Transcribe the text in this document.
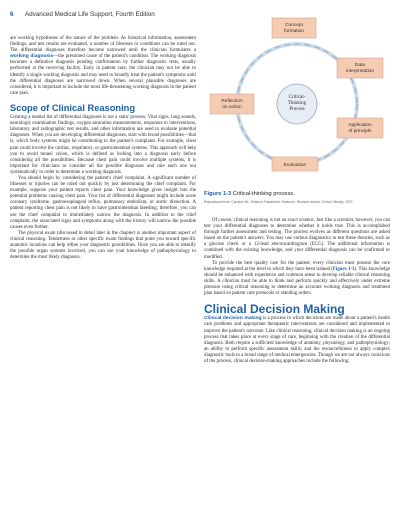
6 Advanced Medical Life Support, Fourth Edition

are working hypotheses of the nature of the problem. As historical information, assessment findings, and test results are evaluated, a number of illnesses or conditions can be ruled out. The differential diagnoses therefore become narrowed until the clinician formulates a working diagnosis—the presumed cause of the patient's condition. The working diagnosis becomes a definitive diagnosis pending confirmation by further diagnostic tests, usually performed at the receiving facility. Early in patient care, the clinician may not be able to identify a single working diagnosis and may need to broadly treat the patient's symptoms until the differential diagnoses are narrowed down. When several plausible diagnoses are considered, it is important to include the most life-threatening working diagnosis in the patient care plan.

Scope of Clinical Reasoning

Creating a mental list of differential diagnoses is not a static process. Vital signs, lung sounds, neurologic examination findings, oxygen saturation measurements, responses to interventions, laboratory and radiographic test results, and other information are used to evaluate potential diagnoses. When you are developing differential diagnoses, start with broad possibilities—that is, which body systems might be contributing to the patient's complaint. For example, chest pain could involve the cardiac, respiratory, or gastrointestinal systems. This approach will help you to avoid tunnel vision, which is defined as locking into a diagnosis early before considering all the possibilities. Because chest pain could involve multiple systems, it is important for clinicians to consider all the possible diagnoses and rule each one out systematically in order to determine a working diagnosis.

You should begin by considering the patient's chief complaint. A significant number of illnesses or injuries can be ruled out quickly by just determining the chief complaint. For example, suppose your patient reports chest pain. Your knowledge gives insight into the potential problems causing chest pain. Your list of differential diagnoses might include acute coronary syndrome, gastroesophageal reflux, pulmonary embolism, or aortic dissection. A patient reporting chest pain is not likely to have gastrointestinal bleeding; therefore, you can use the chief complaint to immediately narrow the diagnosis. In addition to the chief complaint, the associated signs and symptoms along with the history will narrow the possible causes even further.

The physical exam (discussed in detail later in the chapter) is another important aspect of clinical reasoning. Tenderness or other specific exam findings that point you toward specific anatomic locations can help refine your diagnostic possibilities. Once you are able to identify the possible organ systems involved, you can use your knowledge of pathophysiology to determine the most likely diagnosis.

Critical-
Thinking
Process
Concept
formation
Data
interpretation
Application
of principle
Evaluation
Reflection
on action
Figure 1-3 Critical-thinking process.
Reproduced from Caroline NL: Mosby's Paramedic Textbook, Revised reprint. Oxford, Mosby, 2007.

Of course, clinical reasoning is not an exact science. Just like a scientist, however, you can test your differential diagnoses to determine whether it holds true. This is accomplished through further assessment and testing. The process evolves as different questions are asked based on the patient's answers. You may use various diagnostics to test these theories, such as a glucose check or a 12-lead electrocardiogram (ECG). The additional information is combined with the existing knowledge, and your differential diagnosis can be confirmed or modified.

To provide the best quality care for the patient, every clinician must possess the core knowledge required at the level to which they have been trained (Figure 1-3). This knowledge should be enhanced with experience and common sense to develop reliable clinical reasoning skills. A clinician must be able to think and perform quickly and effectively under extreme pressure using critical reasoning to determine an accurate working diagnosis and treatment plan based on patient care protocols or standing orders.

Clinical Decision Making

Clinical decision making is a process in which decisions are made about a patient's health care problems and appropriate therapeutic interventions are considered and implemented to improve the patient's outcome. Like clinical reasoning, clinical decision making is an ongoing process that takes place at every stage of care, beginning with the creation of the differential diagnosis. Both require a sufficient knowledge of anatomy, physiology, and pathophysiology; an ability to perform specific assessment skills; and the resourcefulness to apply complex diagnostic tools to a broad range of medical emergencies. Though we are not always conscious of the process, clinical decision-making approaches include the following:
